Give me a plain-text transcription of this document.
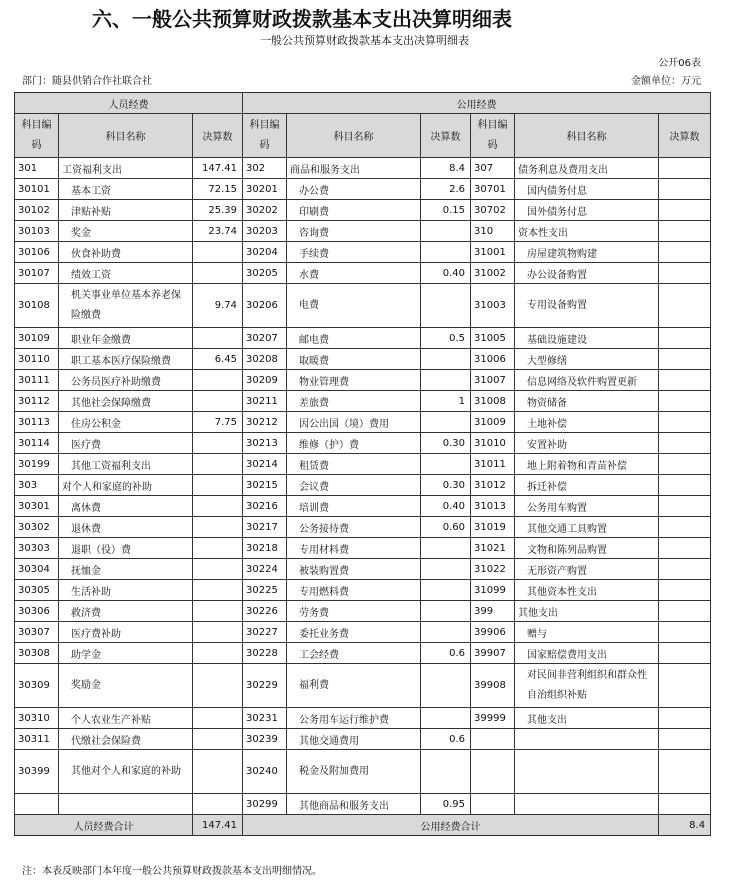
六、一般公共预算财政拨款基本支出决算明细表
一般公共预算财政拨款基本支出决算明细表
公开06表
部门：随县供销合作社联合社	金额单位：万元
人员经费			公用经费					
科目编码	科目名称	决算数	科目编码	科目名称	决算数	科目编码	科目名称	决算数
301	工资福利支出	147.41	302	商品和服务支出	8.4	307	债务利息及费用支出	
30101	基本工资	72.15	30201	办公费	2.6	30701	国内债务付息	
30102	津贴补贴	25.39	30202	印刷费	0.15	30702	国外债务付息	
30103	奖金	23.74	30203	咨询费		310	资本性支出	
30106	伙食补助费		30204	手续费		31001	房屋建筑物购建	
30107	绩效工资		30205	水费	0.40	31002	办公设备购置	
30108	机关事业单位基本养老保险缴费	9.74	30206	电费		31003	专用设备购置	
30109	职业年金缴费		30207	邮电费	0.5	31005	基础设施建设	
30110	职工基本医疗保险缴费	6.45	30208	取暖费		31006	大型修缮	
30111	公务员医疗补助缴费		30209	物业管理费		31007	信息网络及软件购置更新	
30112	其他社会保障缴费		30211	差旅费	1	31008	物资储备	
30113	住房公积金	7.75	30212	因公出国（境）费用		31009	土地补偿	
30114	医疗费		30213	维修（护）费	0.30	31010	安置补助	
30199	其他工资福利支出		30214	租赁费		31011	地上附着物和青苗补偿	
303	对个人和家庭的补助		30215	会议费	0.30	31012	拆迁补偿	
30301	离休费		30216	培训费	0.40	31013	公务用车购置	
30302	退休费		30217	公务接待费	0.60	31019	其他交通工具购置	
30303	退职（役）费		30218	专用材料费		31021	文物和陈列品购置	
30304	抚恤金		30224	被装购置费		31022	无形资产购置	
30305	生活补助		30225	专用燃料费		31099	其他资本性支出	
30306	救济费		30226	劳务费		399	其他支出	
30307	医疗费补助		30227	委托业务费		39906	赠与	
30308	助学金		30228	工会经费	0.6	39907	国家赔偿费用支出	
30309	奖励金		30229	福利费		39908	对民间非营利组织和群众性自治组织补贴	
30310	个人农业生产补贴		30231	公务用车运行维护费		39999	其他支出	
30311	代缴社会保险费		30239	其他交通费用	0.6			
30399	其他对个人和家庭的补助		30240	税金及附加费用				
			30299	其他商品和服务支出	0.95			
人员经费合计		147.41	公用经费合计					8.4
注：本表反映部门本年度一般公共预算财政拨款基本支出明细情况。
